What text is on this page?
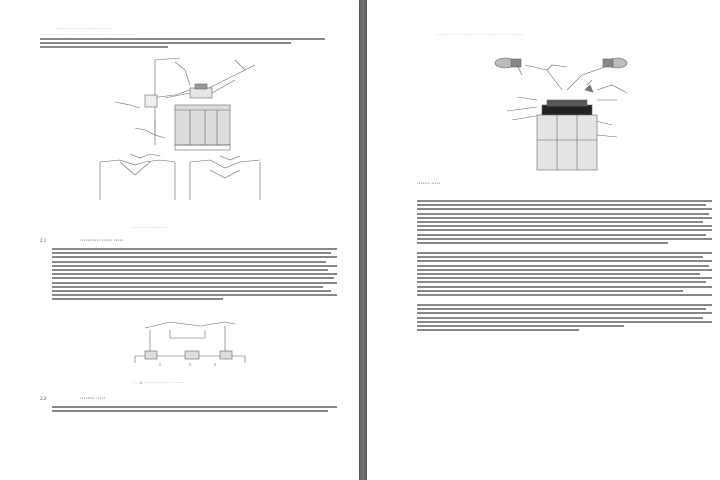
········ ·········· ·· ·········· ·········
··· ······· ······· ·· ······ ····· ··· ··········· ·· ······ ······ ·· ····
······ ······ ······· ·· ·
2.1	··········· ······ ·····
···. 2. · ········· ········· ········
2.2	········ ·····
·
········· ·· ······ ·········· ·· ····· ··········· ·· ···· ·······
······· ·····
·
